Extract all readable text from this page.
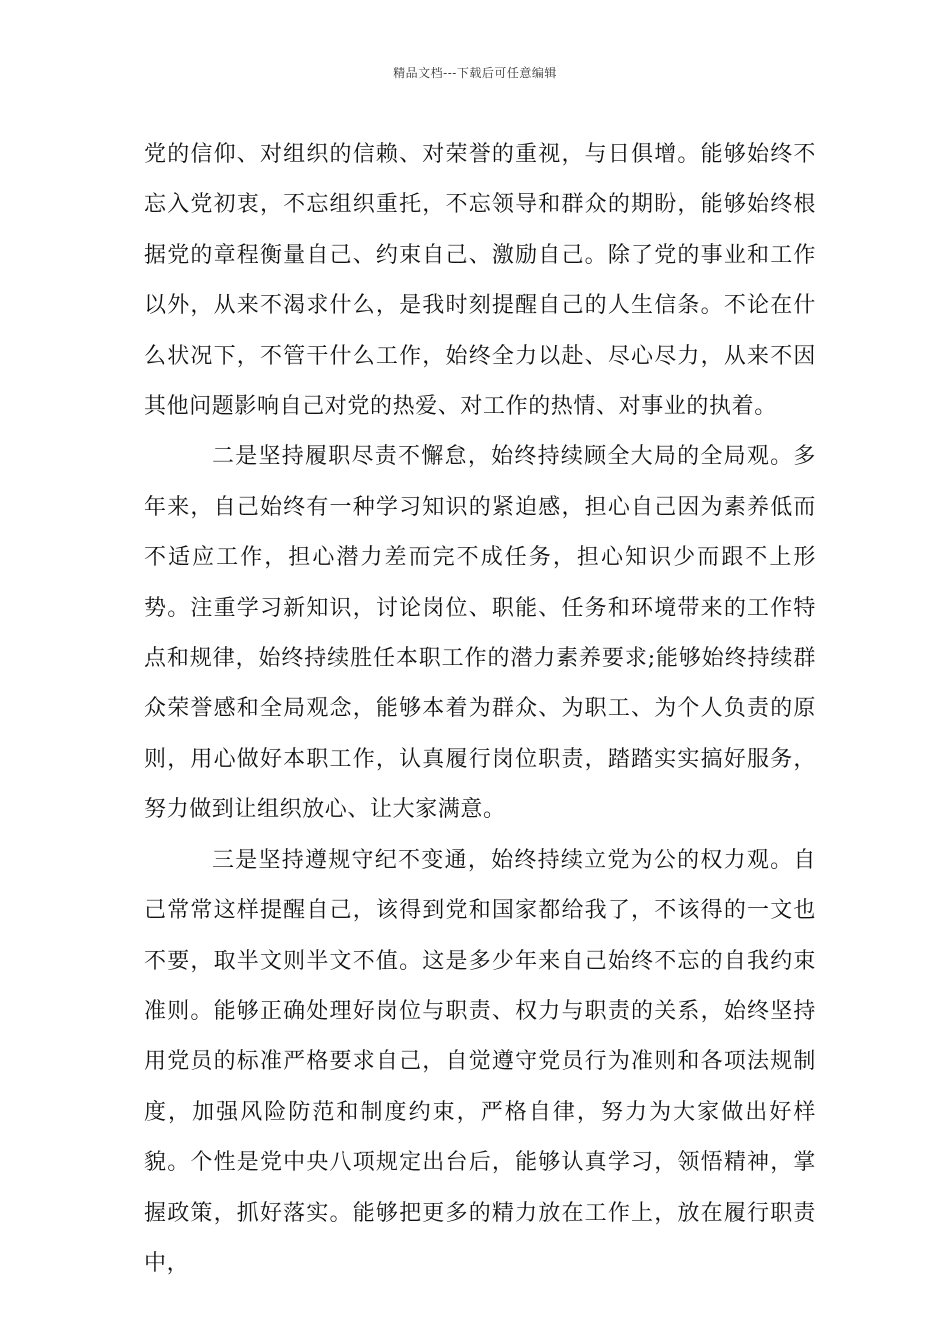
精品文档---下载后可任意编辑

党的信仰、对组织的信赖、对荣誉的重视，与日俱增。能够始终不忘入党初衷，不忘组织重托，不忘领导和群众的期盼，能够始终根据党的章程衡量自己、约束自己、激励自己。除了党的事业和工作以外，从来不渴求什么，是我时刻提醒自己的人生信条。不论在什么状况下，不管干什么工作，始终全力以赴、尽心尽力，从来不因其他问题影响自己对党的热爱、对工作的热情、对事业的执着。

二是坚持履职尽责不懈怠，始终持续顾全大局的全局观。多年来，自己始终有一种学习知识的紧迫感，担心自己因为素养低而不适应工作，担心潜力差而完不成任务，担心知识少而跟不上形势。注重学习新知识，讨论岗位、职能、任务和环境带来的工作特点和规律，始终持续胜任本职工作的潜力素养要求;能够始终持续群众荣誉感和全局观念，能够本着为群众、为职工、为个人负责的原则，用心做好本职工作，认真履行岗位职责，踏踏实实搞好服务，努力做到让组织放心、让大家满意。

三是坚持遵规守纪不变通，始终持续立党为公的权力观。自己常常这样提醒自己，该得到党和国家都给我了，不该得的一文也不要，取半文则半文不值。这是多少年来自己始终不忘的自我约束准则。能够正确处理好岗位与职责、权力与职责的关系，始终坚持用党员的标准严格要求自己，自觉遵守党员行为准则和各项法规制度，加强风险防范和制度约束，严格自律，努力为大家做出好样貌。个性是党中央八项规定出台后，能够认真学习，领悟精神，掌握政策，抓好落实。能够把更多的精力放在工作上，放在履行职责中，
